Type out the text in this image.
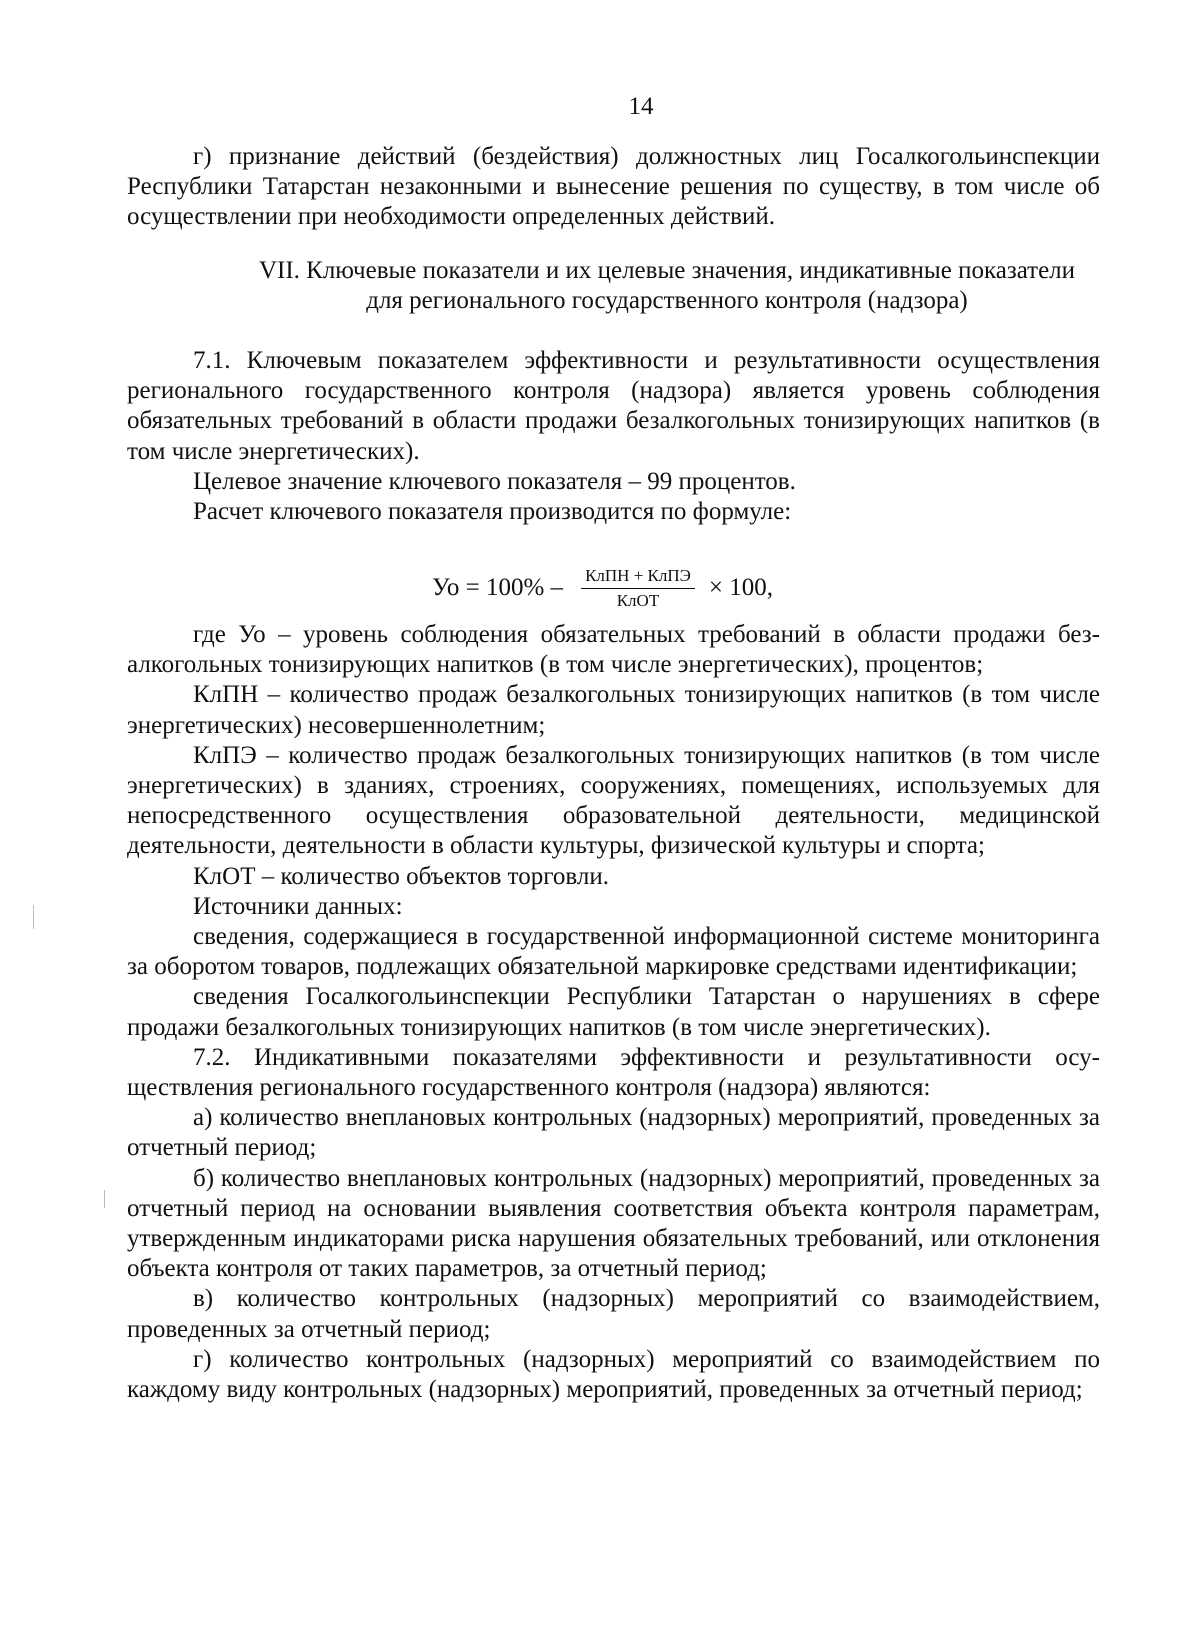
14

г) признание действий (бездействия) должностных лиц Госалкогольинспекции Республики Татарстан незаконными и вынесение решения по существу, в том числе об осуществлении при необходимости определенных действий.

VII. Ключевые показатели и их целевые значения, индикативные показатели
для регионального государственного контроля (надзора)

7.1. Ключевым показателем эффективности и результативности осуществления регионального государственного контроля (надзора) является уровень соблюдения обязательных требований в области продажи безалкогольных тонизирующих напитков (в том числе энергетических).

Целевое значение ключевого показателя – 99 процентов.

Расчет ключевого показателя производится по формуле:

Уо = $100\% - \frac{\text{КлПН + КлПЭ}}{\text{КлОТ}} \times 100$,

где Уо – уровень соблюдения обязательных требований в области продажи безалкогольных тонизирующих напитков (в том числе энергетических), процентов;

КлПН – количество продаж безалкогольных тонизирующих напитков (в том числе энергетических) несовершеннолетним;

КлПЭ – количество продаж безалкогольных тонизирующих напитков (в том числе энергетических) в зданиях, строениях, сооружениях, помещениях, используемых для непосредственного осуществления образовательной деятельности, медицинской деятельности, деятельности в области культуры, физической культуры и спорта;

КлОТ – количество объектов торговли.

Источники данных:

сведения, содержащиеся в государственной информационной системе мониторинга за оборотом товаров, подлежащих обязательной маркировке средствами идентификации;

сведения Госалкогольинспекции Республики Татарстан о нарушениях в сфере продажи безалкогольных тонизирующих напитков (в том числе энергетических).

7.2. Индикативными показателями эффективности и результативности осуществления регионального государственного контроля (надзора) являются:

а) количество внеплановых контрольных (надзорных) мероприятий, проведенных за отчетный период;

б) количество внеплановых контрольных (надзорных) мероприятий, проведенных за отчетный период на основании выявления соответствия объекта контроля параметрам, утвержденным индикаторами риска нарушения обязательных требований, или отклонения объекта контроля от таких параметров, за отчетный период;

в) количество контрольных (надзорных) мероприятий со взаимодействием, проведенных за отчетный период;

г) количество контрольных (надзорных) мероприятий со взаимодействием по каждому виду контрольных (надзорных) мероприятий, проведенных за отчетный период;
